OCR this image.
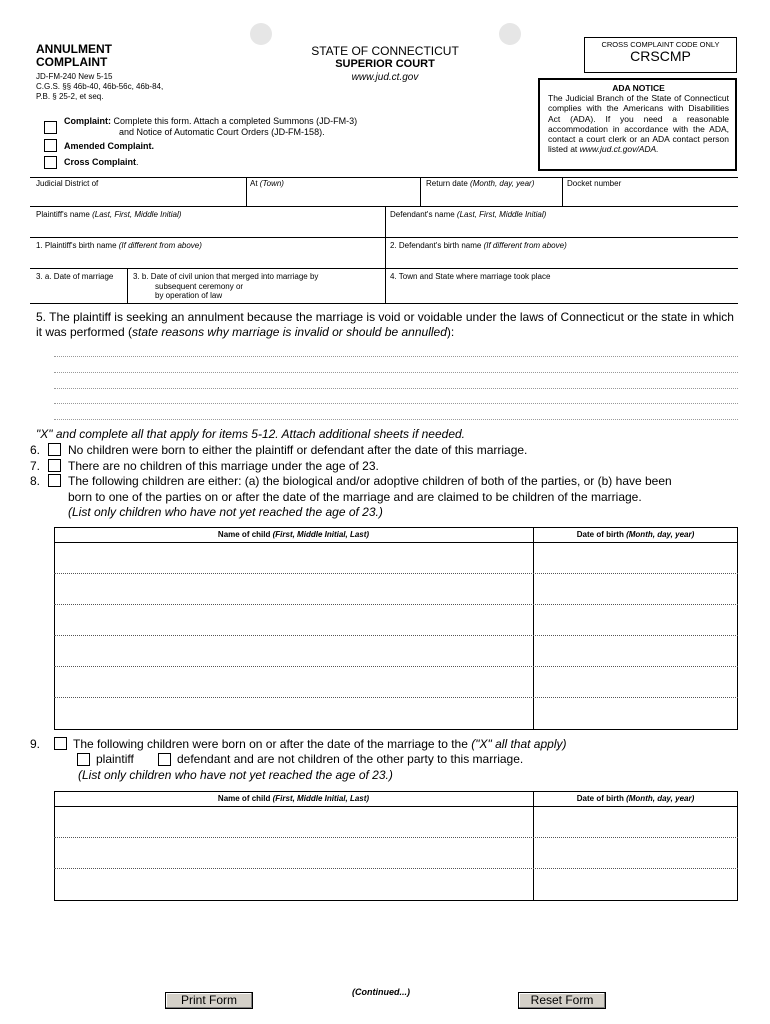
ANNULMENT
COMPLAINT
JD-FM-240 New 5-15
C.G.S. §§ 46b-40, 46b-56c, 46b-84,
P.B. § 25-2, et seq.
STATE OF CONNECTICUT
SUPERIOR COURT
www.jud.ct.gov
CROSS COMPLAINT CODE ONLY
CRSCMP
ADA NOTICE
The Judicial Branch of the State of Connecticut complies with the Americans with Disabilities Act (ADA). If you need a reasonable accommodation in accordance with the ADA, contact a court clerk or an ADA contact person listed at www.jud.ct.gov/ADA.
Complaint: Complete this form. Attach a completed Summons (JD-FM-3)
and Notice of Automatic Court Orders (JD-FM-158).
Amended Complaint.
Cross Complaint.
Judicial District of	At (Town)	Return date (Month, day, year)	Docket number
Plaintiff's name (Last, First, Middle Initial)	Defendant's name (Last, First, Middle Initial)
1. Plaintiff's birth name (If different from above)	2. Defendant's birth name (If different from above)
3. a. Date of marriage 3. b. Date of civil union that merged into marriage by
subsequent ceremony or
by operation of law
4. Town and State where marriage took place
5. The plaintiff is seeking an annulment because the marriage is void or voidable under the laws of Connecticut or the state in which it was performed (state reasons why marriage is invalid or should be annulled):
"X" and complete all that apply for items 5-12. Attach additional sheets if needed.
6. No children were born to either the plaintiff or defendant after the date of this marriage.
7. There are no children of this marriage under the age of 23.
8. The following children are either: (a) the biological and/or adoptive children of both of the parties, or (b) have been
born to one of the parties on or after the date of the marriage and are claimed to be children of the marriage.
(List only children who have not yet reached the age of 23.)
Name of child (First, Middle Initial, Last)	Date of birth (Month, day, year)
9.	The following children were born on or after the date of the marriage to the ("X" all that apply)
plaintiff	defendant and are not children of the other party to this marriage.
(List only children who have not yet reached the age of 23.)
Name of child (First, Middle Initial, Last)	Date of birth (Month, day, year)
(Continued...)
Print Form	Reset Form
